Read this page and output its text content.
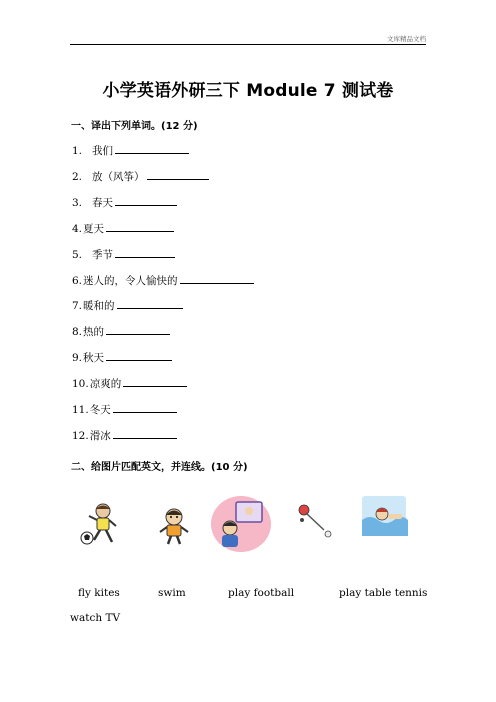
文库精品文档
小学英语外研三下 Module 7 测试卷
一、译出下列单词。(12 分)
1. 我们
2. 放（风筝）
3. 春天
4.夏天
5. 季节
6.迷人的，令人愉快的
7.暖和的
8.热的
9.秋天
10.凉爽的
11.冬天
12.滑冰
二、给图片匹配英文，并连线。(10 分)
fly kites	swim	play football	play table tennis
watch TV
